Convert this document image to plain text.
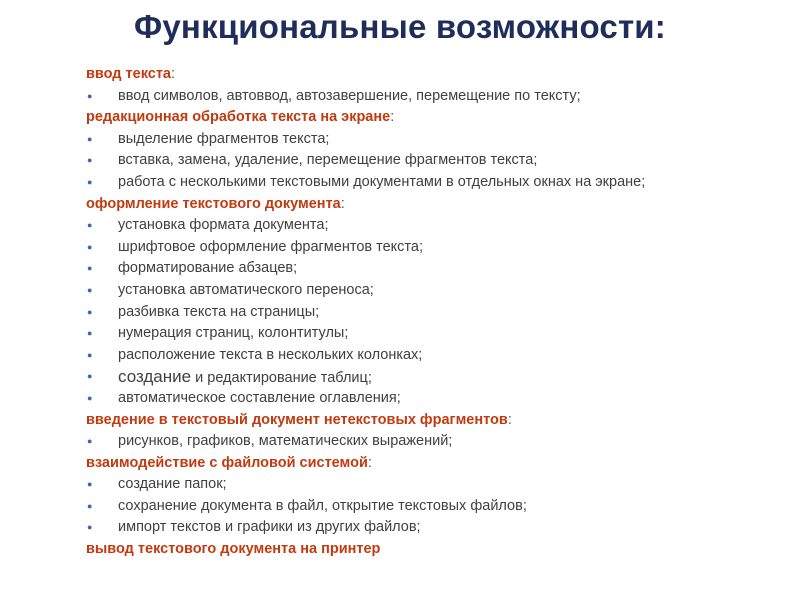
Функциональные возможности:
ввод текста:
● ввод символов, автоввод, автозавершение, перемещение по тексту;
редакционная обработка текста на экране:
● выделение фрагментов текста;
● вставка, замена, удаление, перемещение фрагментов текста;
● работа с несколькими текстовыми документами в отдельных окнах на экране;
оформление текстового документа:
● установка формата документа;
● шрифтовое оформление фрагментов текста;
● форматирование абзацев;
● установка автоматического переноса;
● разбивка текста на страницы;
● нумерация страниц, колонтитулы;
● расположение текста в нескольких колонках;
● создание и редактирование таблиц;
● автоматическое составление оглавления;
введение в текстовый документ нетекстовых фрагментов:
● рисунков, графиков, математических выражений;
взаимодействие с файловой системой:
● создание папок;
● сохранение документа в файл, открытие текстовых файлов;
● импорт текстов и графики из других файлов;
вывод текстового документа на принтер
